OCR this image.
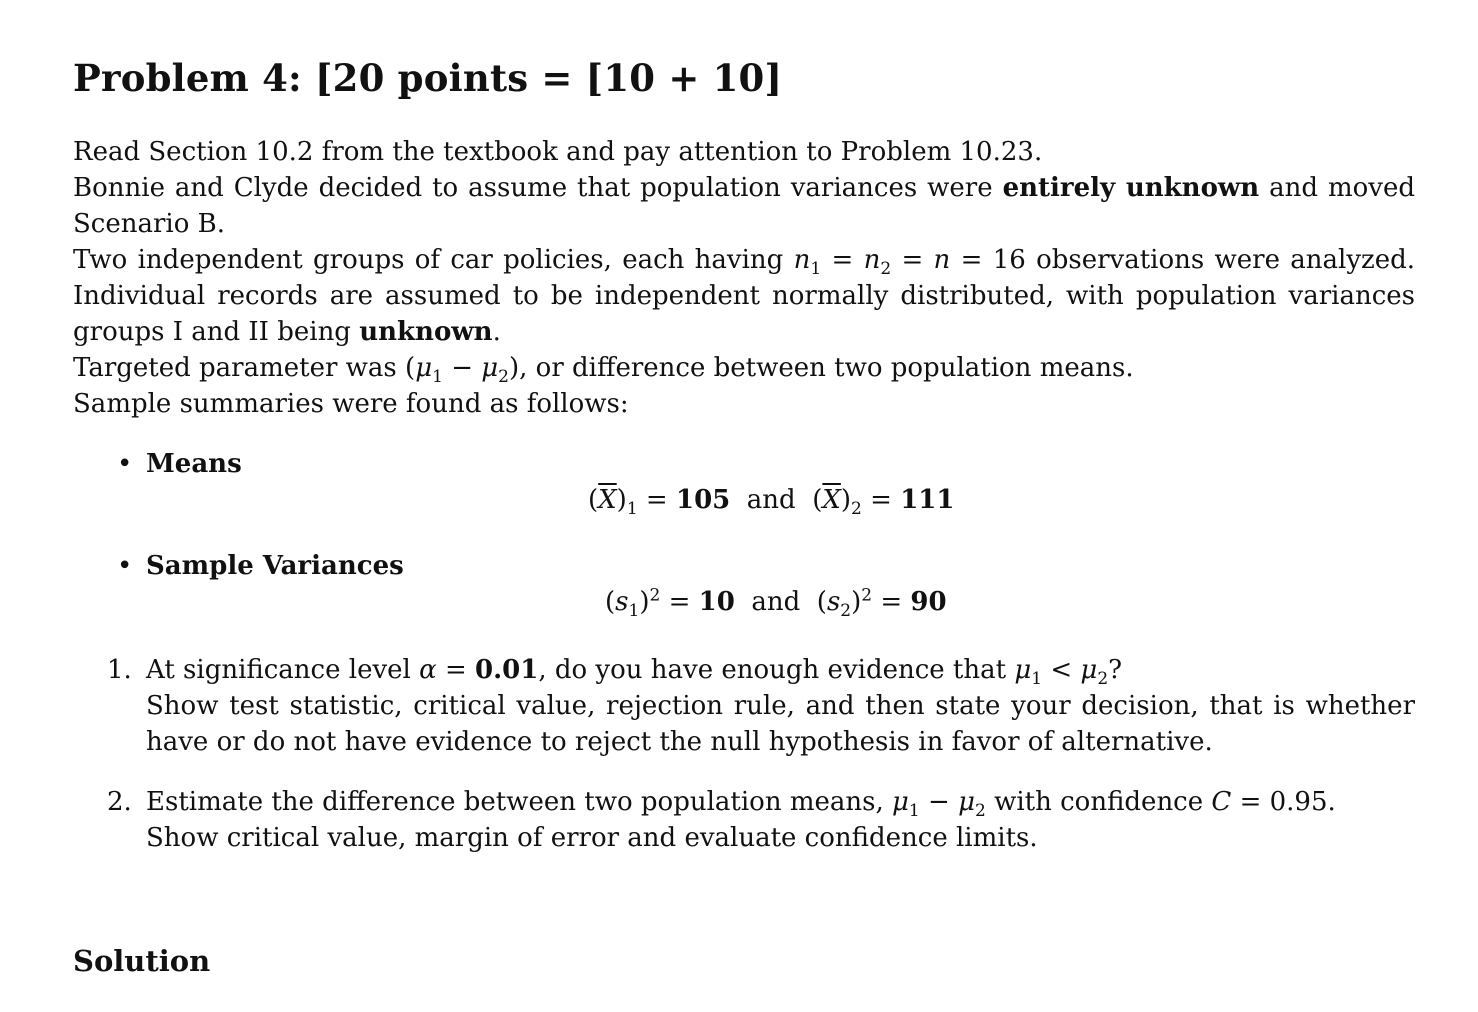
Problem 4: [20 points = [10 + 10]
Read Section 10.2 from the textbook and pay attention to Problem 10.23.
Bonnie and Clyde decided to assume that population variances were entirely unknown and moved
Scenario B.
Two independent groups of car policies, each having $n_1 = n_2 = n = 16$ observations were analyzed.
Individual records are assumed to be independent normally distributed, with population variances
groups I and II being unknown.
Targeted parameter was $(\mu_1 - \mu_2)$, or difference between two population means.
Sample summaries were found as follows:
• Means
$(\overline{X})_1 = 105$ and $(\overline{X})_2 = 111$
• Sample Variances
$(s_1)^2 = 10$ and $(s_2)^2 = 90$
1. At significance level α = 0.01, do you have enough evidence that $\mu_1 < \mu_2$?
Show test statistic, critical value, rejection rule, and then state your decision, that is whether
have or do not have evidence to reject the null hypothesis in favor of alternative.
2. Estimate the difference between two population means, $\mu_1 - \mu_2$ with confidence C = 0.95.
Show critical value, margin of error and evaluate confidence limits.
Solution
